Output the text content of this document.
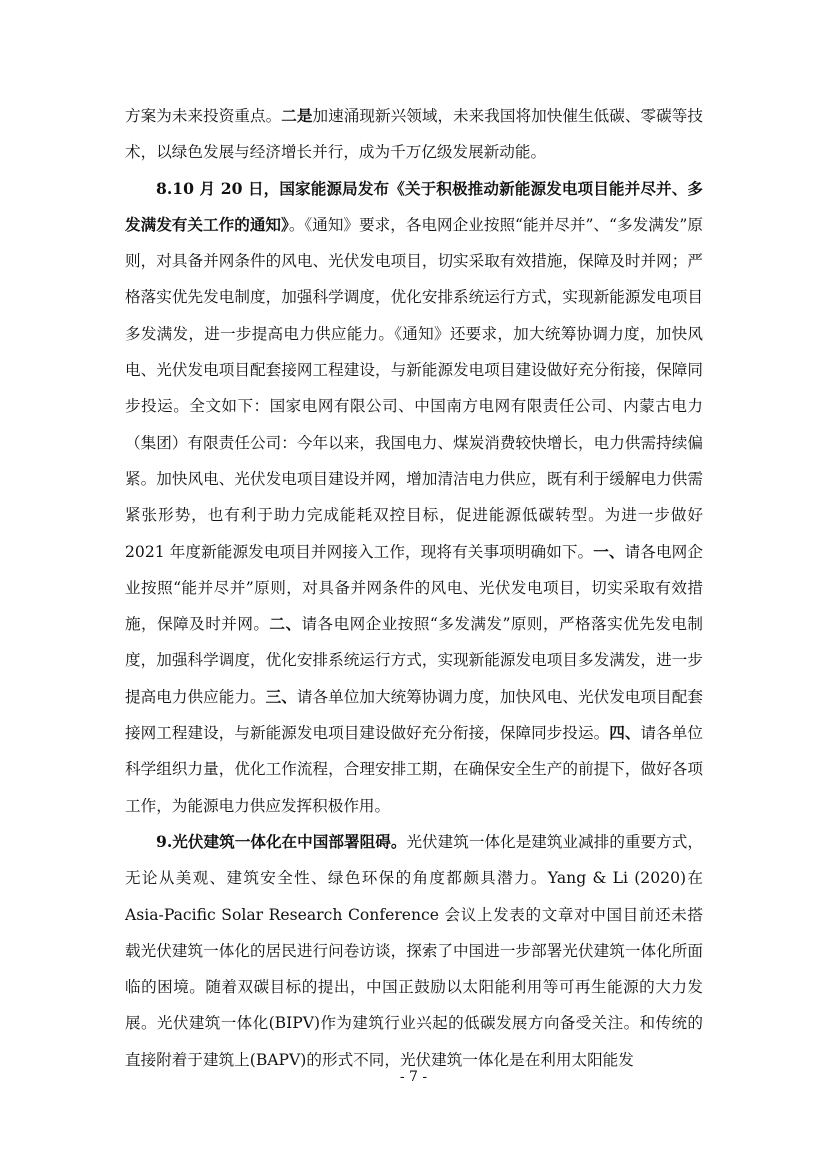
方案为未来投资重点。二是加速涌现新兴领域，未来我国将加快催生低碳、零碳等技术，以绿色发展与经济增长并行，成为千万亿级发展新动能。

8.10 月 20 日，国家能源局发布《关于积极推动新能源发电项目能并尽并、多发满发有关工作的通知》。《通知》要求，各电网企业按照“能并尽并”、“多发满发”原则，对具备并网条件的风电、光伏发电项目，切实采取有效措施，保障及时并网；严格落实优先发电制度，加强科学调度，优化安排系统运行方式，实现新能源发电项目多发满发，进一步提高电力供应能力。《通知》还要求，加大统筹协调力度，加快风电、光伏发电项目配套接网工程建设，与新能源发电项目建设做好充分衔接，保障同步投运。全文如下：国家电网有限公司、中国南方电网有限责任公司、内蒙古电力（集团）有限责任公司：今年以来，我国电力、煤炭消费较快增长，电力供需持续偏紧。加快风电、光伏发电项目建设并网，增加清洁电力供应，既有利于缓解电力供需紧张形势，也有利于助力完成能耗双控目标，促进能源低碳转型。为进一步做好 2021 年度新能源发电项目并网接入工作，现将有关事项明确如下。一、请各电网企业按照“能并尽并”原则，对具备并网条件的风电、光伏发电项目，切实采取有效措施，保障及时并网。二、请各电网企业按照“多发满发”原则，严格落实优先发电制度，加强科学调度，优化安排系统运行方式，实现新能源发电项目多发满发，进一步提高电力供应能力。三、请各单位加大统筹协调力度，加快风电、光伏发电项目配套接网工程建设，与新能源发电项目建设做好充分衔接，保障同步投运。四、请各单位科学组织力量，优化工作流程，合理安排工期，在确保安全生产的前提下，做好各项工作，为能源电力供应发挥积极作用。

9.光伏建筑一体化在中国部署阻碍。光伏建筑一体化是建筑业减排的重要方式，无论从美观、建筑安全性、绿色环保的角度都颇具潜力。Yang & Li (2020)在 Asia-Pacific Solar Research Conference 会议上发表的文章对中国目前还未搭载光伏建筑一体化的居民进行问卷访谈，探索了中国进一步部署光伏建筑一体化所面临的困境。随着双碳目标的提出，中国正鼓励以太阳能利用等可再生能源的大力发展。光伏建筑一体化(BIPV)作为建筑行业兴起的低碳发展方向备受关注。和传统的直接附着于建筑上(BAPV)的形式不同，光伏建筑一体化是在利用太阳能发

- 7 -
